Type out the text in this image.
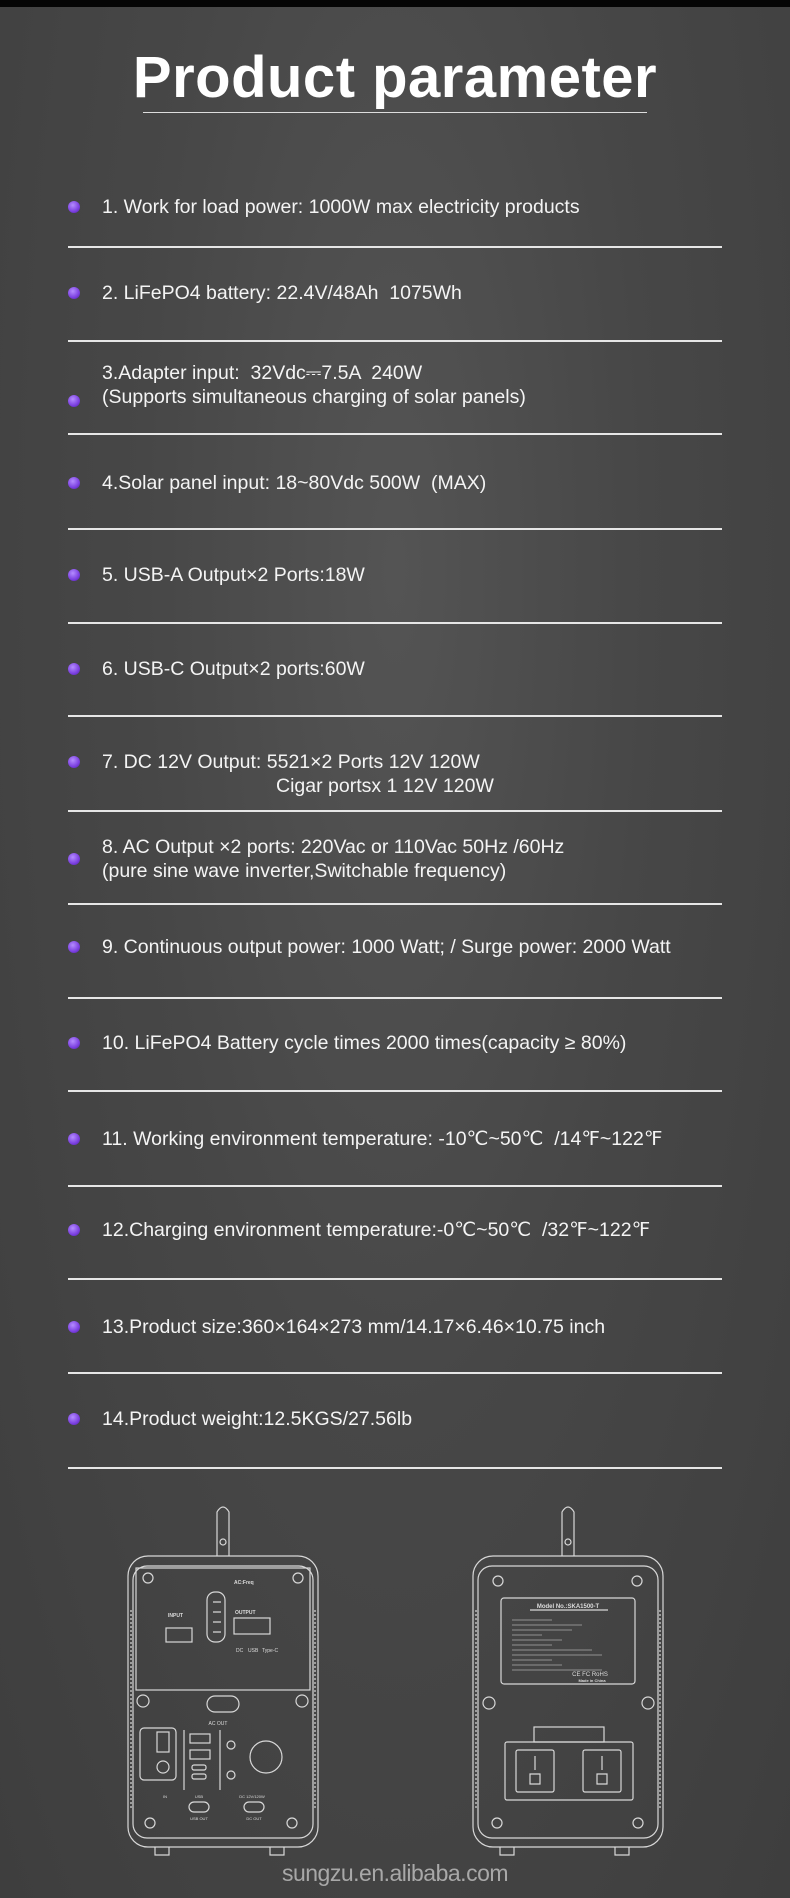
Product parameter
1. Work for load power: 1000W max electricity products
2. LiFePO4 battery: 22.4V/48Ah  1075Wh
3.Adapter input:  32Vdc⎓7.5A  240W
(Supports simultaneous charging of solar panels)
4.Solar panel input: 18~80Vdc 500W  (MAX)
5. USB-A Output×2 Ports:18W
6. USB-C Output×2 ports:60W
7. DC 12V Output: 5521×2 Ports 12V 120W
Cigar portsx 1 12V 120W
8. AC Output ×2 ports: 220Vac or 110Vac 50Hz /60Hz
(pure sine wave inverter,Switchable frequency)
9. Continuous output power: 1000 Watt; / Surge power: 2000 Watt
10. LiFePO4 Battery cycle times 2000 times(capacity ≥ 80%)
11. Working environment temperature: -10℃~50℃  /14℉~122℉
12.Charging environment temperature:-0℃~50℃  /32℉~122℉
13.Product size:360×164×273 mm/14.17×6.46×10.75 inch
14.Product weight:12.5KGS/27.56lb
AC OUT
INPUT	OUTPUT
AC:Freq
DC USB Type-C
IN	USB	DC 12V/120W
USB OUT	DC OUT
Model No.:SKA1500-T
CE FC RoHS
Made in China
sungzu.en.alibaba.com
